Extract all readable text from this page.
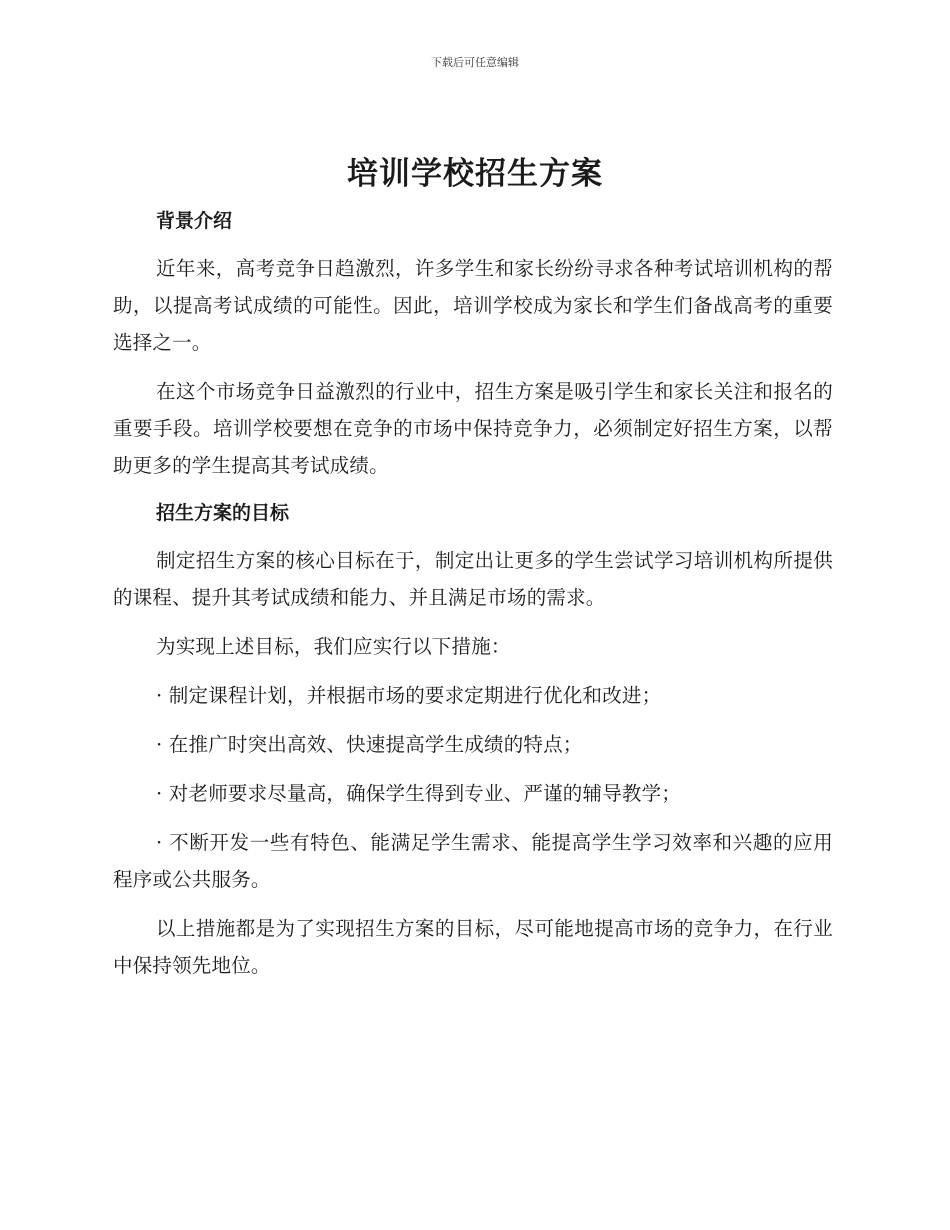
下载后可任意编辑
培训学校招生方案
背景介绍

近年来，高考竞争日趋激烈，许多学生和家长纷纷寻求各种考试培训机构的帮助，以提高考试成绩的可能性。因此，培训学校成为家长和学生们备战高考的重要选择之一。

在这个市场竞争日益激烈的行业中，招生方案是吸引学生和家长关注和报名的重要手段。培训学校要想在竞争的市场中保持竞争力，必须制定好招生方案，以帮助更多的学生提高其考试成绩。

招生方案的目标

制定招生方案的核心目标在于，制定出让更多的学生尝试学习培训机构所提供的课程、提升其考试成绩和能力、并且满足市场的需求。

为实现上述目标，我们应实行以下措施：

· 制定课程计划，并根据市场的要求定期进行优化和改进；

· 在推广时突出高效、快速提高学生成绩的特点；

· 对老师要求尽量高，确保学生得到专业、严谨的辅导教学；

· 不断开发一些有特色、能满足学生需求、能提高学生学习效率和兴趣的应用程序或公共服务。

以上措施都是为了实现招生方案的目标，尽可能地提高市场的竞争力，在行业中保持领先地位。
